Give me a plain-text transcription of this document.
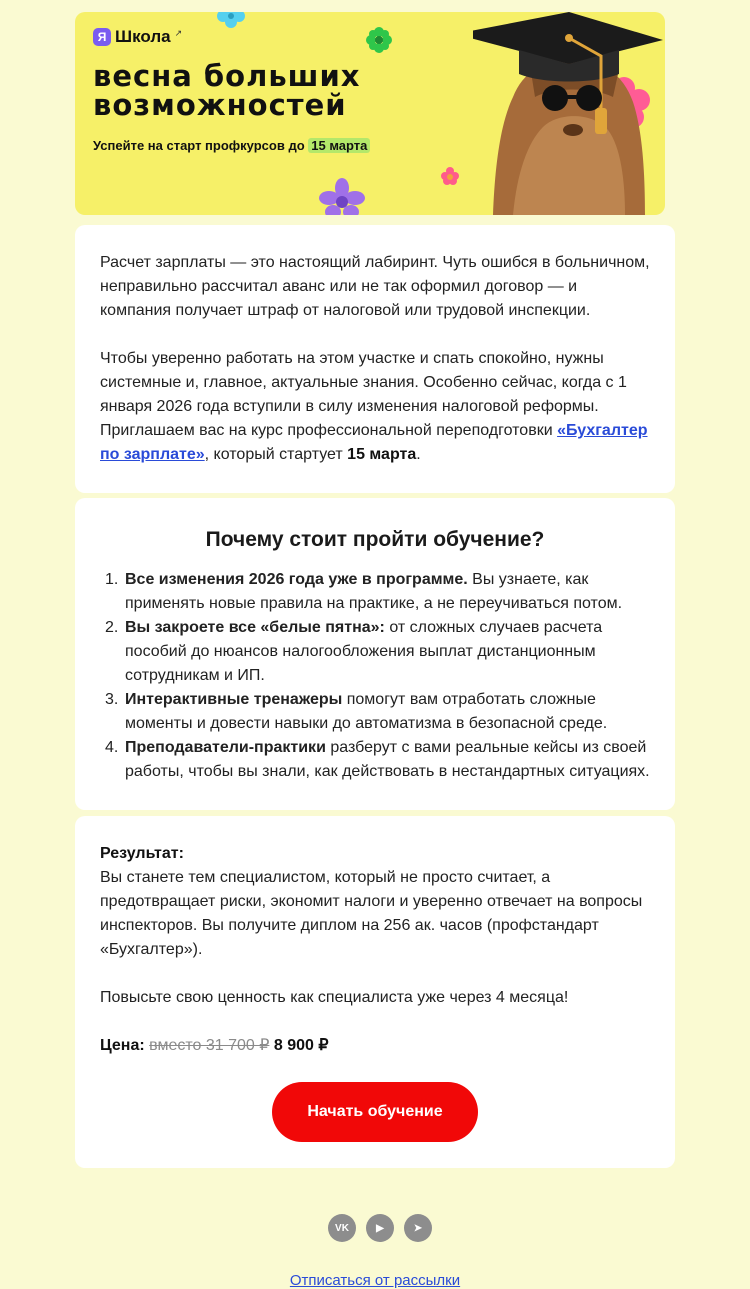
Я Школа ↗
весна больших
возможностей
Успейте на старт профкурсов до 15 марта

Расчет зарплаты — это настоящий лабиринт. Чуть ошибся в больничном, неправильно рассчитал аванс или не так оформил договор — и компания получает штраф от налоговой или трудовой инспекции.

Чтобы уверенно работать на этом участке и спать спокойно, нужны системные и, главное, актуальные знания. Особенно сейчас, когда с 1 января 2026 года вступили в силу изменения налоговой реформы. Приглашаем вас на курс профессиональной переподготовки «Бухгалтер по зарплате», который стартует 15 марта.

Почему стоит пройти обучение?
1. Все изменения 2026 года уже в программе. Вы узнаете, как применять новые правила на практике, а не переучиваться потом.
2. Вы закроете все «белые пятна»: от сложных случаев расчета пособий до нюансов налогообложения выплат дистанционным сотрудникам и ИП.
3. Интерактивные тренажеры помогут вам отработать сложные моменты и довести навыки до автоматизма в безопасной среде.
4. Преподаватели-практики разберут с вами реальные кейсы из своей работы, чтобы вы знали, как действовать в нестандартных ситуациях.

Результат:
Вы станете тем специалистом, который не просто считает, а предотвращает риски, экономит налоги и уверенно отвечает на вопросы инспекторов. Вы получите диплом на 256 ак. часов (профстандарт «Бухгалтер»).

Повысьте свою ценность как специалиста уже через 4 месяца!

Цена: вместо 31 700 ₽ 8 900 ₽

Начать обучение
VK	▶	➤
Отписаться от рассылки
